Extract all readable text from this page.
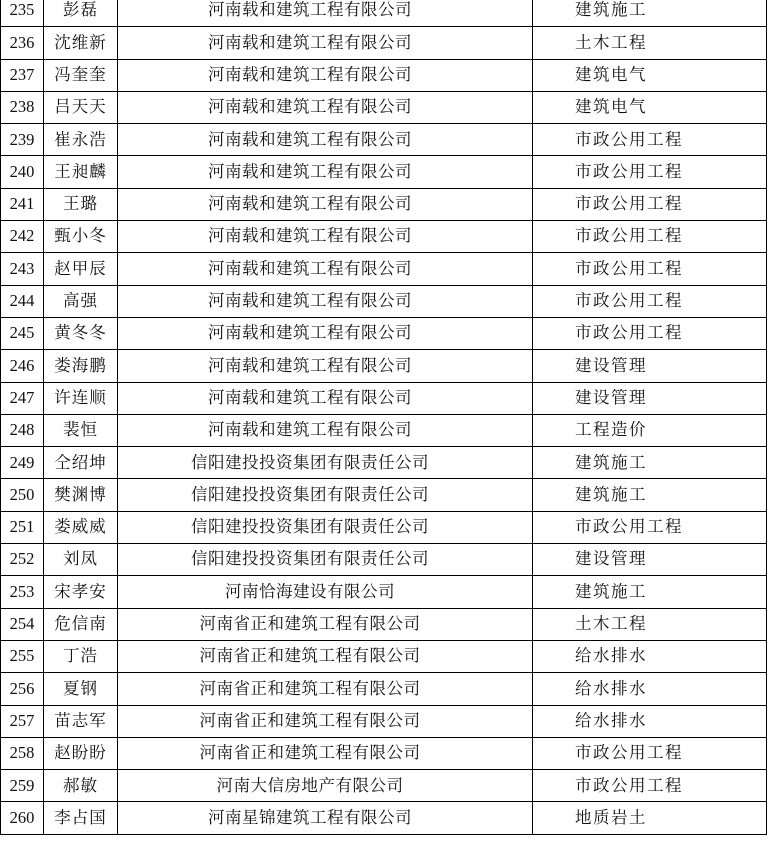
235	彭磊	河南载和建筑工程有限公司	建筑施工
236	沈维新	河南载和建筑工程有限公司	土木工程
237	冯奎奎	河南载和建筑工程有限公司	建筑电气
238	吕天天	河南载和建筑工程有限公司	建筑电气
239	崔永浩	河南载和建筑工程有限公司	市政公用工程
240	王昶麟	河南载和建筑工程有限公司	市政公用工程
241	王璐	河南载和建筑工程有限公司	市政公用工程
242	甄小冬	河南载和建筑工程有限公司	市政公用工程
243	赵甲辰	河南载和建筑工程有限公司	市政公用工程
244	高强	河南载和建筑工程有限公司	市政公用工程
245	黄冬冬	河南载和建筑工程有限公司	市政公用工程
246	娄海鹏	河南载和建筑工程有限公司	建设管理
247	许连顺	河南载和建筑工程有限公司	建设管理
248	裴恒	河南载和建筑工程有限公司	工程造价
249	仝绍坤	信阳建投投资集团有限责任公司	建筑施工
250	樊渊博	信阳建投投资集团有限责任公司	建筑施工
251	娄威威	信阳建投投资集团有限责任公司	市政公用工程
252	刘凤	信阳建投投资集团有限责任公司	建设管理
253	宋孝安	河南恰海建设有限公司	建筑施工
254	危信南	河南省正和建筑工程有限公司	土木工程
255	丁浩	河南省正和建筑工程有限公司	给水排水
256	夏钢	河南省正和建筑工程有限公司	给水排水
257	苗志军	河南省正和建筑工程有限公司	给水排水
258	赵盼盼	河南省正和建筑工程有限公司	市政公用工程
259	郝敏	河南大信房地产有限公司	市政公用工程
260	李占国	河南星锦建筑工程有限公司	地质岩土
